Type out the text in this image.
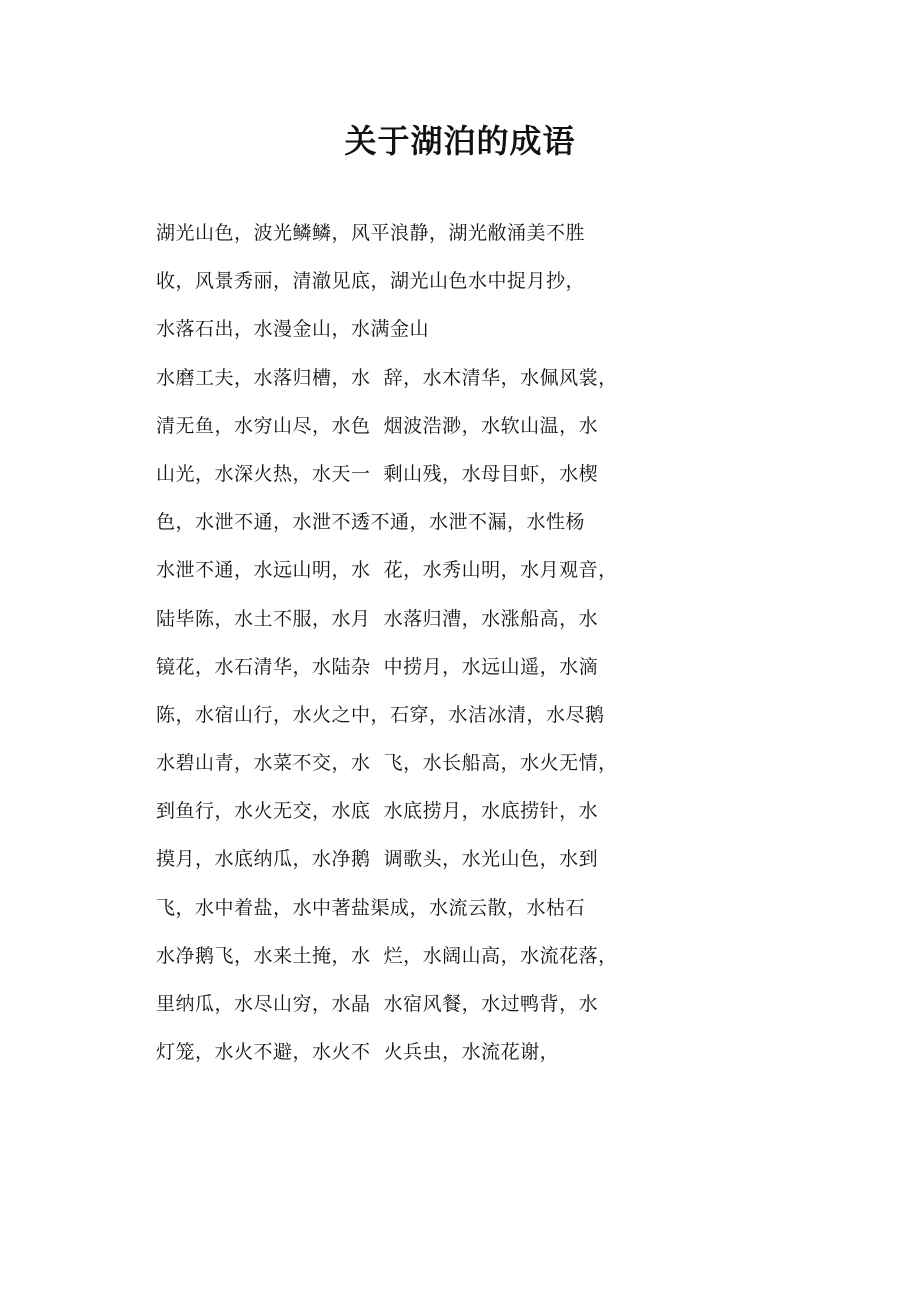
关于湖泊的成语
湖光山色，波光鳞鳞，风平浪静，湖光敝涌美不胜
收，风景秀丽，清澈见底，湖光山色水中捉月抄，
水落石出，水漫金山，水满金山
水磨工夫，水落归槽，水  辞，水木清华，水佩风裳，
清无鱼，水穷山尽，水色  烟波浩渺，水软山温，水
山光，水深火热，水天一  剩山残，水母目虾，水楔
色，水泄不通，水泄不透不通，水泄不漏，水性杨
水泄不通，水远山明，水  花，水秀山明，水月观音，
陆毕陈，水土不服，水月  水落归漕，水涨船高，水
镜花，水石清华，水陆杂  中捞月，水远山遥，水滴
陈，水宿山行，水火之中，石穿，水洁冰清，水尽鹅
水碧山青，水菜不交，水  飞，水长船高，水火无情，
到鱼行，水火无交，水底  水底捞月，水底捞针，水
摸月，水底纳瓜，水净鹅  调歌头，水光山色，水到
飞，水中着盐，水中著盐渠成，水流云散，水枯石
水净鹅飞，水来土掩，水  烂，水阔山高，水流花落，
里纳瓜，水尽山穷，水晶  水宿风餐，水过鸭背，水
灯笼，水火不避，水火不  火兵虫，水流花谢，
